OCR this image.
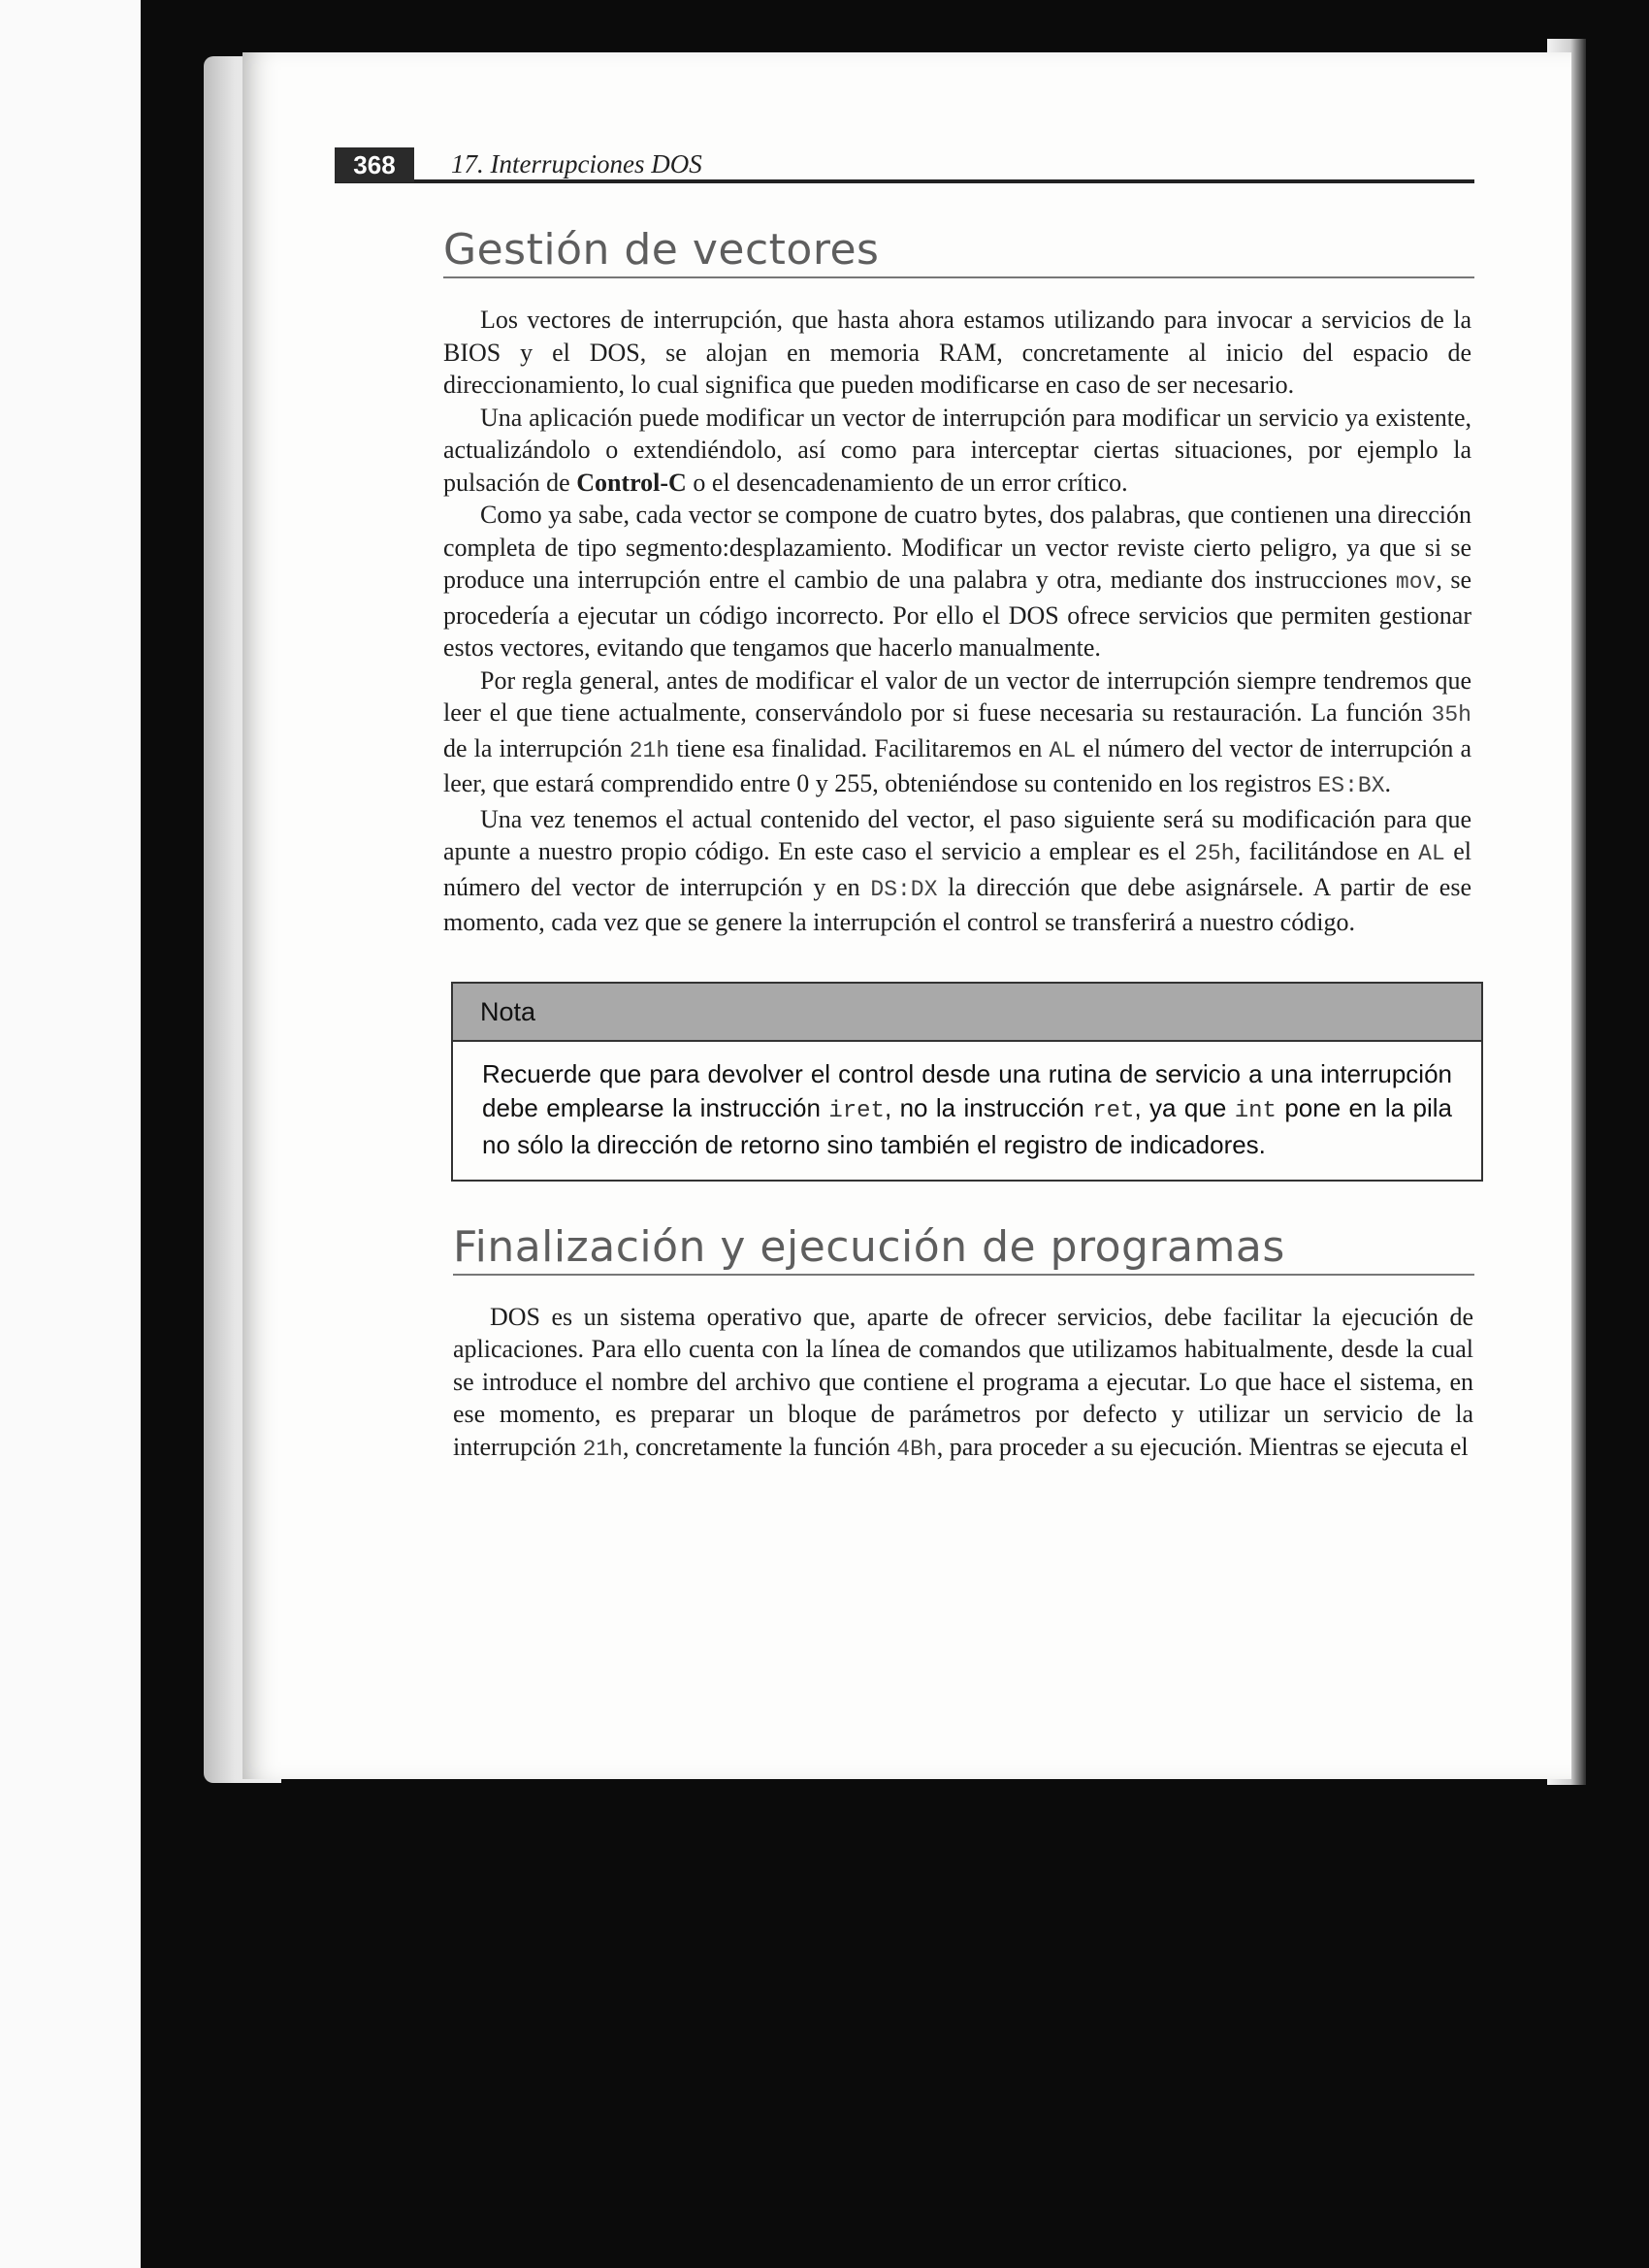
368	17. Interrupciones DOS
Gestión de vectores

Los vectores de interrupción, que hasta ahora estamos utilizando para invocar a servicios de la BIOS y el DOS, se alojan en memoria RAM, concretamente al inicio del espacio de direccionamiento, lo cual significa que pueden modificarse en caso de ser necesario.

Una aplicación puede modificar un vector de interrupción para modificar un servicio ya existente, actualizándolo o extendiéndolo, así como para interceptar ciertas situaciones, por ejemplo la pulsación de Control-C o el desencadenamiento de un error crítico.

Como ya sabe, cada vector se compone de cuatro bytes, dos palabras, que contienen una dirección completa de tipo segmento:desplazamiento. Modificar un vector reviste cierto peligro, ya que si se produce una interrupción entre el cambio de una palabra y otra, mediante dos instrucciones mov, se procedería a ejecutar un código incorrecto. Por ello el DOS ofrece servicios que permiten gestionar estos vectores, evitando que tengamos que hacerlo manualmente.

Por regla general, antes de modificar el valor de un vector de interrupción siempre tendremos que leer el que tiene actualmente, conservándolo por si fuese necesaria su restauración. La función 35h de la interrupción 21h tiene esa finalidad. Facilitaremos en AL el número del vector de interrupción a leer, que estará comprendido entre 0 y 255, obteniéndose su contenido en los registros ES:BX.

Una vez tenemos el actual contenido del vector, el paso siguiente será su modificación para que apunte a nuestro propio código. En este caso el servicio a emplear es el 25h, facilitándose en AL el número del vector de interrupción y en DS:DX la dirección que debe asignársele. A partir de ese momento, cada vez que se genere la interrupción el control se transferirá a nuestro código.

Nota
Recuerde que para devolver el control desde una rutina de servicio a una interrupción debe emplearse la instrucción iret, no la instrucción ret, ya que int pone en la pila no sólo la dirección de retorno sino también el registro de indicadores.
Finalización y ejecución de programas

DOS es un sistema operativo que, aparte de ofrecer servicios, debe facilitar la ejecución de aplicaciones. Para ello cuenta con la línea de comandos que utilizamos habitualmente, desde la cual se introduce el nombre del archivo que contiene el programa a ejecutar. Lo que hace el sistema, en ese momento, es preparar un bloque de parámetros por defecto y utilizar un servicio de la interrupción 21h, concretamente la función 4Bh, para proceder a su ejecución. Mientras se ejecuta el
